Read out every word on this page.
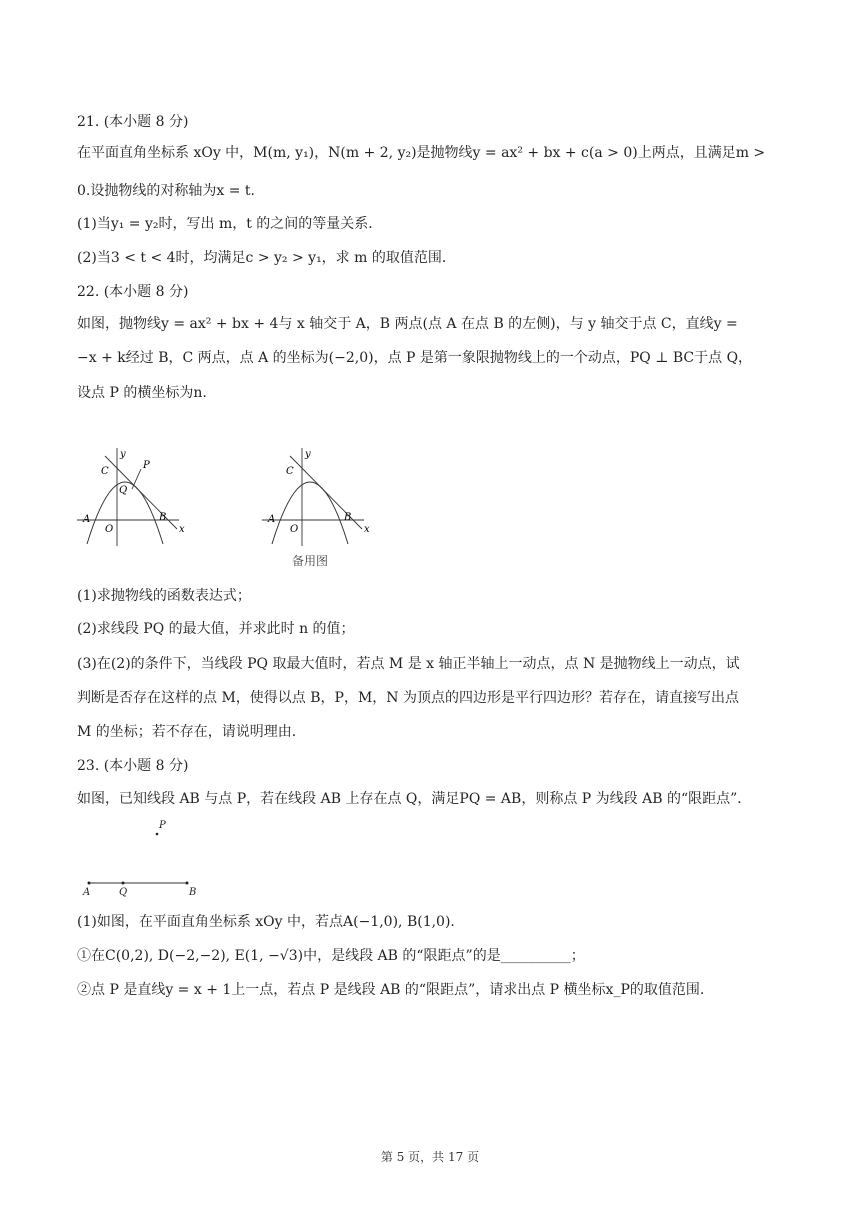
21. (本小题 8 分)
在平面直角坐标系 xOy 中，M(m, y₁)，N(m + 2, y₂)是抛物线y = ax² + bx + c(a > 0)上两点，且满足m >
0.设抛物线的对称轴为x = t.
(1)当y₁ = y₂时，写出 m，t 的之间的等量关系．
(2)当3 < t < 4时，均满足c > y₂ > y₁，求 m 的取值范围．
22. (本小题 8 分)
如图，抛物线y = ax² + bx + 4与 x 轴交于 A，B 两点(点 A 在点 B 的左侧)，与 y 轴交于点 C，直线y =
−x + k经过 B，C 两点，点 A 的坐标为(−2,0)，点 P 是第一象限抛物线上的一个动点，PQ ⊥ BC于点 Q，
设点 P 的横坐标为n.
y
x
C
P
Q
A
O
B
y
x
C
A
O
B
备用图
(1)求抛物线的函数表达式；
(2)求线段 PQ 的最大值，并求此时 n 的值；
(3)在(2)的条件下，当线段 PQ 取最大值时，若点 M 是 x 轴正半轴上一动点，点 N 是抛物线上一动点，试
判断是否存在这样的点 M，使得以点 B，P，M，N 为顶点的四边形是平行四边形？若存在，请直接写出点
M 的坐标；若不存在，请说明理由．
23. (本小题 8 分)
如图，已知线段 AB 与点 P，若在线段 AB 上存在点 Q，满足PQ = AB，则称点 P 为线段 AB 的“限距点”．
P
A	Q	B
(1)如图，在平面直角坐标系 xOy 中，若点A(−1,0), B(1,0).
①在C(0,2), D(−2,−2), E(1, −√3)中，是线段 AB 的“限距点”的是__________；
②点 P 是直线y = x + 1上一点，若点 P 是线段 AB 的“限距点”，请求出点 P 横坐标x_P的取值范围.
第 5 页，共 17 页
